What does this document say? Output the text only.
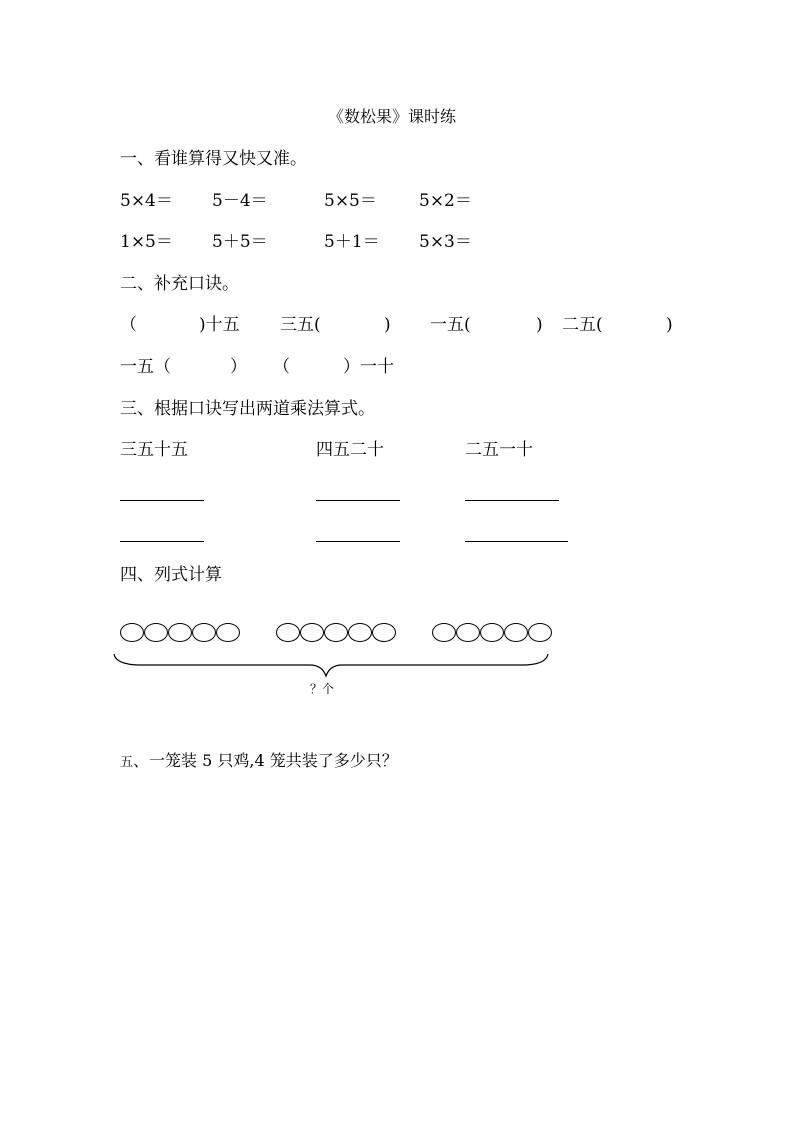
《数松果》课时练
一、看谁算得又快又准。
5×4＝ 5－4＝	5×5＝ 5×2＝
1×5＝ 5＋5＝	5＋1＝ 5×3＝
二、补充口诀。
（	)十五 三五(	) 一五(	) 二五(	)
一五（	） （	）一十
三、根据口诀写出两道乘法算式。
三五十五	四五二十	二五一十
四、列式计算
？个
五、一笼装 5 只鸡,4 笼共装了多少只？
